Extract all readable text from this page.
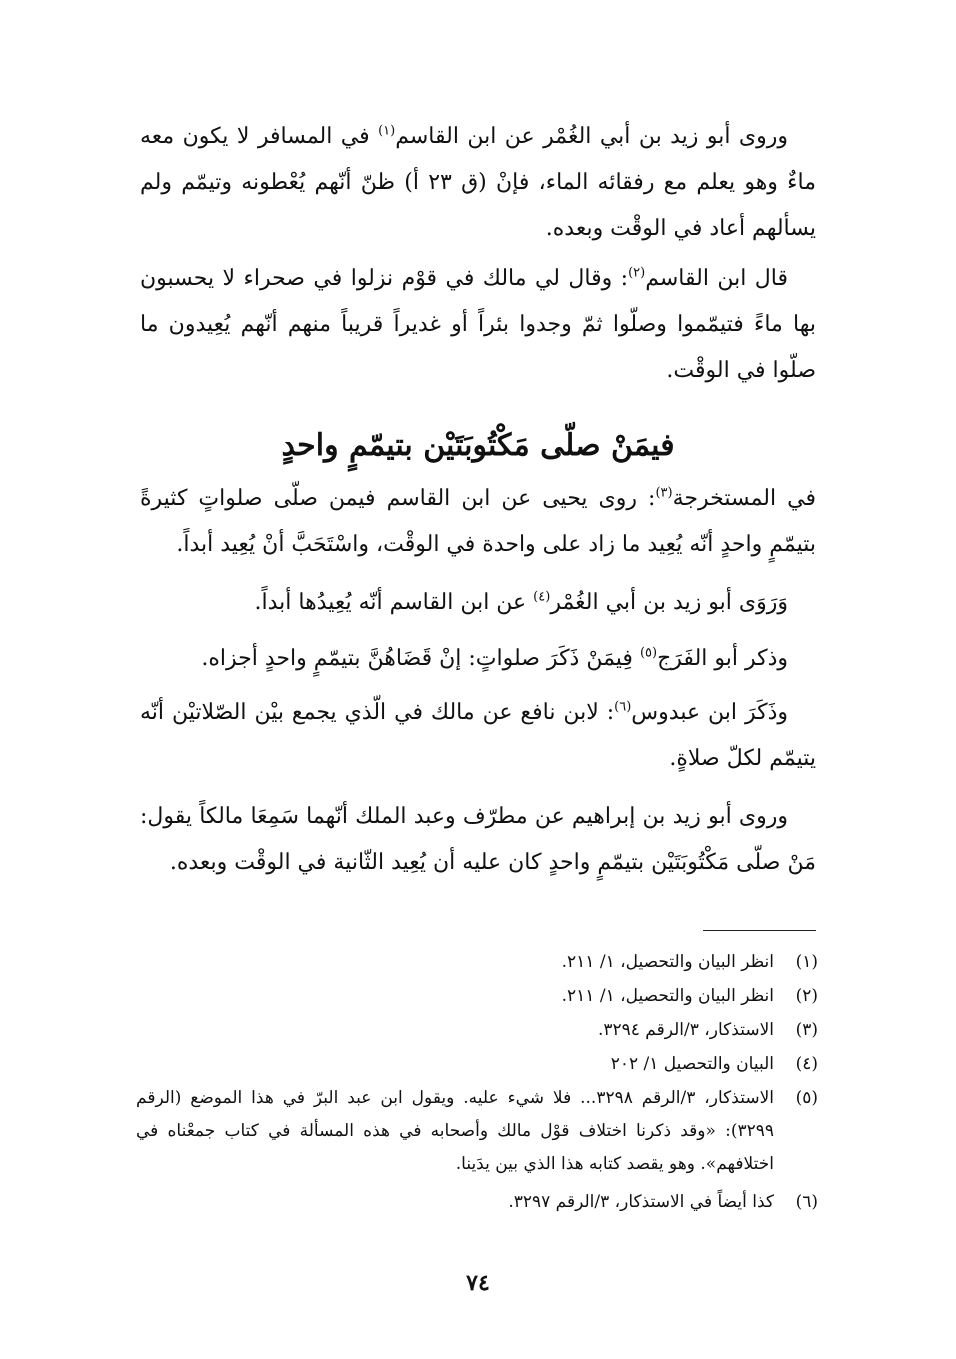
وروى أبو زيد بن أبي الغُمْر عن ابن القاسم$^{(١)}$ في المسافر لا يكون معه ماءٌ وهو يعلم مع رفقائه الماء، فإنْ (ق ٢٣ أ) ظنّ أنّهم يُعْطونه وتيمّم ولم يسألهم أعاد في الوقْت وبعده.

قال ابن القاسم$^{(٢)}$: وقال لي مالك في قوْم نزلوا في صحراء لا يحسبون بها ماءً فتيمّموا وصلّوا ثمّ وجدوا بئراً أو غديراً قريباً منهم أنّهم يُعِيدون ما صلّوا في الوقْت.

فيمَنْ صلّى مَكْتُوبَتَيْن بتيمّمٍ واحدٍ

في المستخرجة$^{(٣)}$: روى يحيى عن ابن القاسم فيمن صلّى صلواتٍ كثيرةً بتيمّمٍ واحدٍ أنّه يُعِيد ما زاد على واحدة في الوقْت، واسْتَحَبَّ أنْ يُعِيد أبداً.

وَرَوَى أبو زيد بن أبي الغُمْر$^{(٤)}$ عن ابن القاسم أنّه يُعِيدُها أبداً.

وذكر أبو الفَرَج$^{(٥)}$ فِيمَنْ ذَكَرَ صلواتٍ: إنْ قَضَاهُنَّ بتيمّمٍ واحدٍ أجزاه.

وذَكَرَ ابن عبدوس$^{(٦)}$: لابن نافع عن مالك في الّذي يجمع بيْن الصّلاتيْن أنّه يتيمّم لكلّ صلاةٍ.

وروى أبو زيد بن إبراهيم عن مطرّف وعبد الملك أنّهما سَمِعَا مالكاً يقول: مَنْ صلّى مَكْتُوبَتَيْن بتيمّمٍ واحدٍ كان عليه أن يُعِيد الثّانية في الوقْت وبعده.

(١)
انظر البيان والتحصيل، ١/ ٢١١.
(٢)
انظر البيان والتحصيل، ١/ ٢١١.
(٣)
الاستذكار، ٣/الرقم ٣٢٩٤.
(٤)
البيان والتحصيل ١/ ٢٠٢
(٥)
الاستذكار، ٣/الرقم ٣٢٩٨... فلا شيء عليه. ويقول ابن عبد البرّ في هذا الموضع (الرقم ٣٢٩٩): «وقد ذكرنا اختلاف قوْل مالك وأصحابه في هذه المسألة في كتاب جمعْناه في اختلافهم». وهو يقصد كتابه هذا الذي بين يدَينا.
(٦)
كذا أيضاً في الاستذكار، ٣/الرقم ٣٢٩٧.
٧٤
